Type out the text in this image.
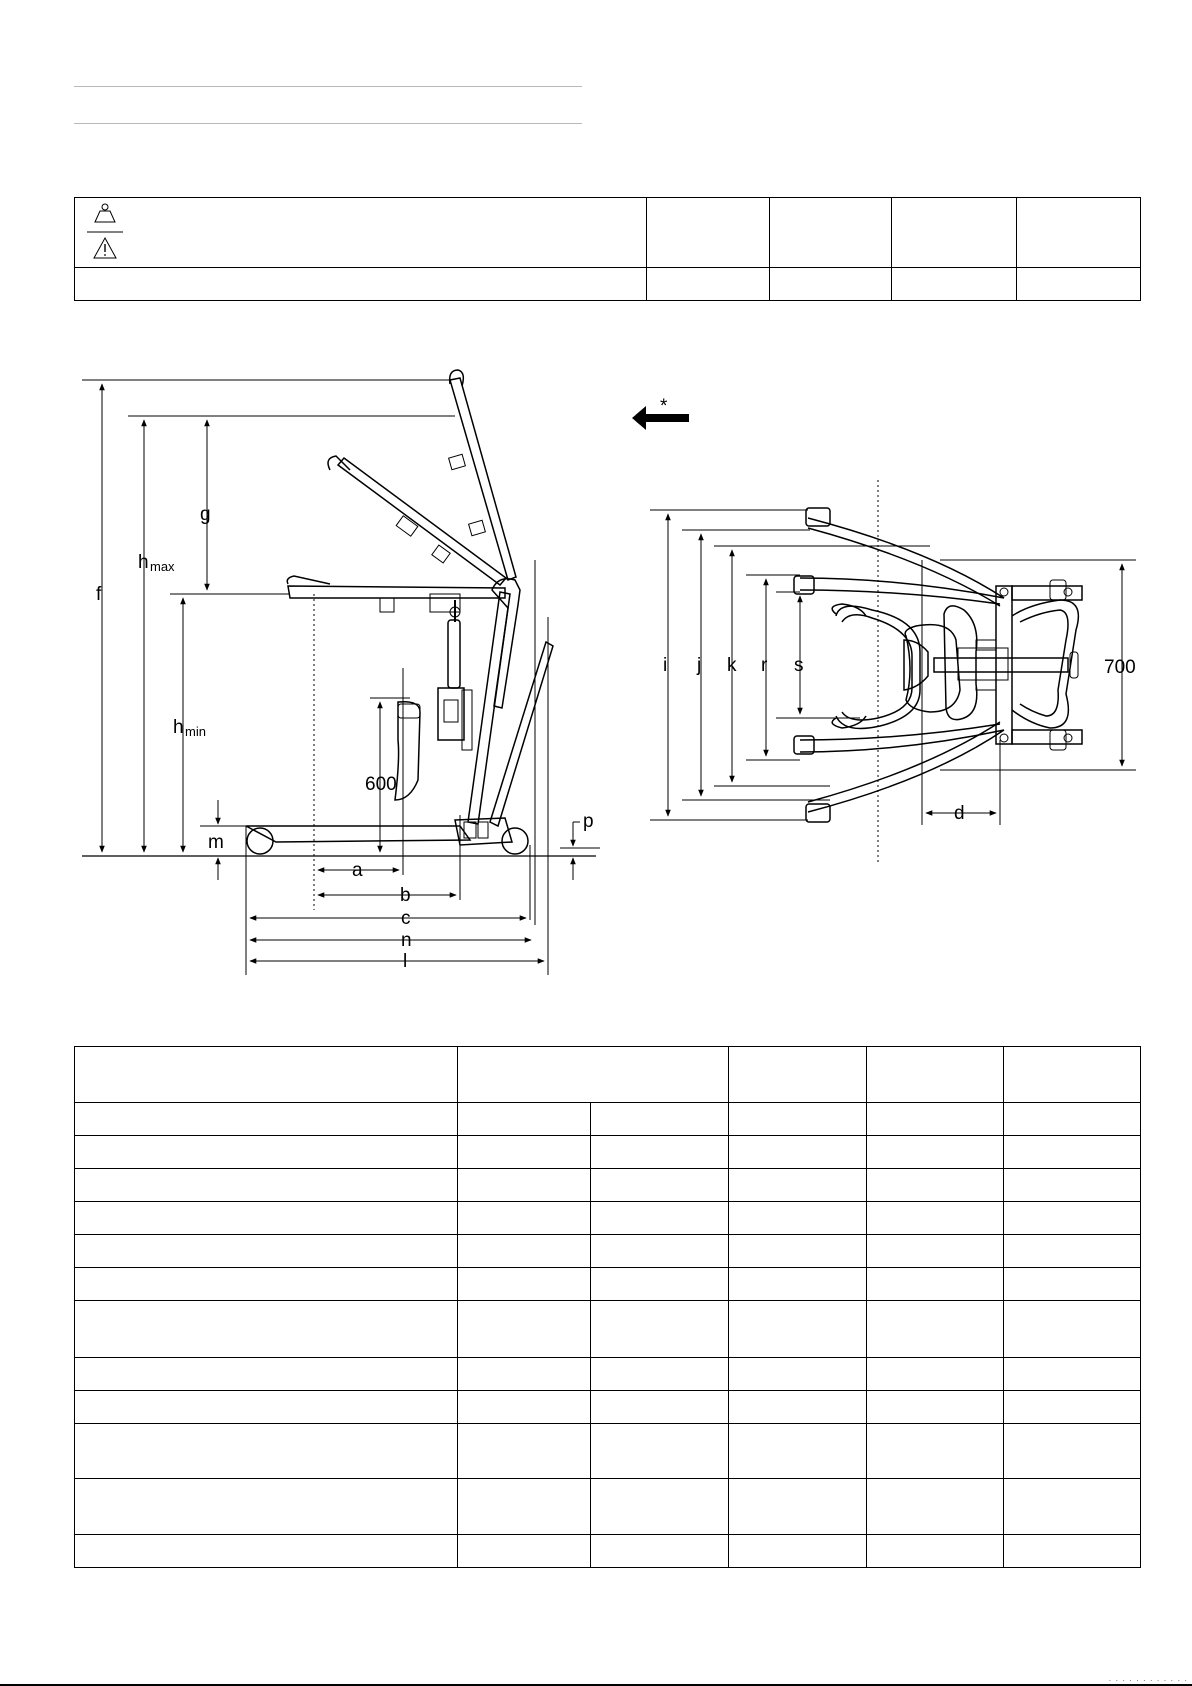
f
g
h max
h min
600
m
p
a
b
c
n
l
*
i j k r s	700
d

· · · · · · · · · · · ·
